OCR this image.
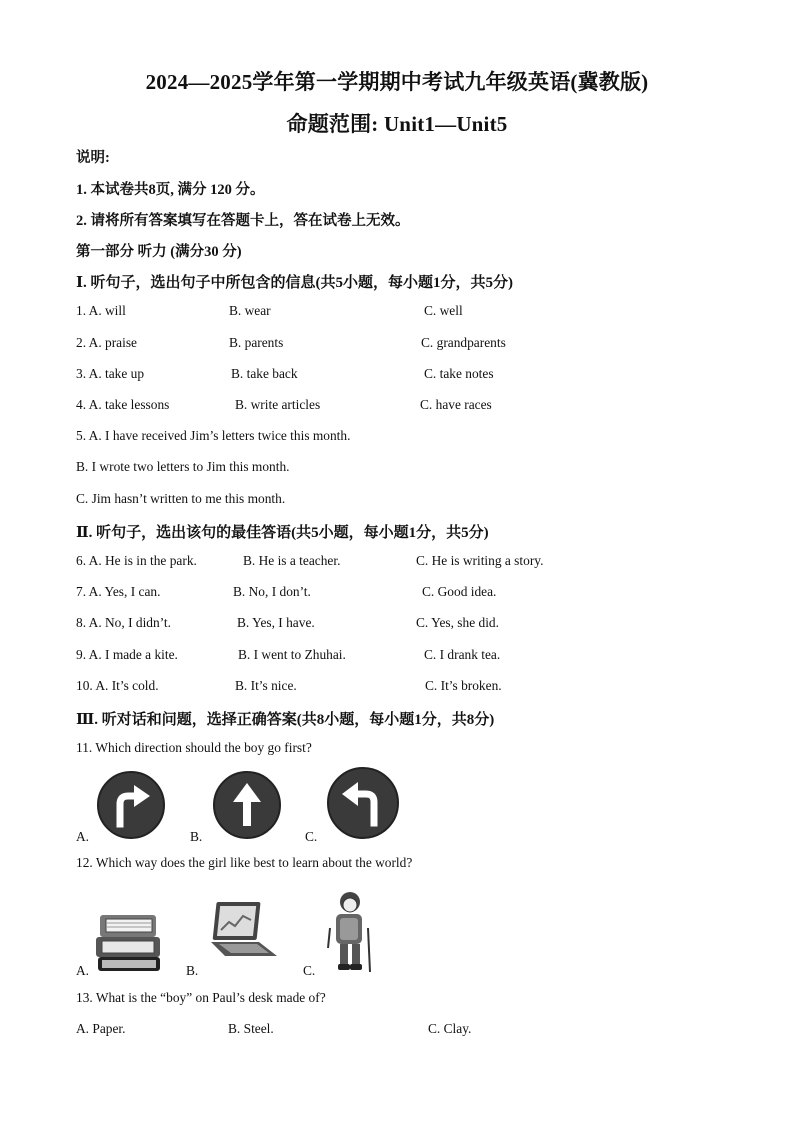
2024—2025学年第一学期期中考试九年级英语(冀教版)
命题范围: Unit1—Unit5
说明:
1. 本试卷共8页, 满分 120 分。
2. 请将所有答案填写在答题卡上，答在试卷上无效。
第一部分 听力 (满分30 分)
Ⅰ. 听句子，选出句子中所包含的信息(共5小题，每小题1分，共5分)
1. A. will	B. wear	C. well
2. A. praise	B. parents	C. grandparents
3. A. take up	B. take back	C. take notes
4. A. take lessons	B. write articles	C. have races
5. A. I have received Jim’s letters twice this month.
B. I wrote two letters to Jim this month.
C. Jim hasn’t written to me this month.
Ⅱ. 听句子，选出该句的最佳答语(共5小题，每小题1分，共5分)
6. A. He is in the park.	B. He is a teacher.	C. He is writing a story.
7. A. Yes, I can.	B. No, I don’t.	C. Good idea.
8. A. No, I didn’t.	B. Yes, I have.	C. Yes, she did.
9. A. I made a kite.	B. I went to Zhuhai.	C. I drank tea.
10. A. It’s cold.	B. It’s nice.	C. It’s broken.
Ⅲ. 听对话和问题，选择正确答案(共8小题，每小题1分，共8分)
11. Which direction should the boy go first?
A.	B.	C.
12. Which way does the girl like best to learn about the world?
A.	B.	C.
13. What is the “boy” on Paul’s desk made of?
A. Paper.	B. Steel.	C. Clay.
